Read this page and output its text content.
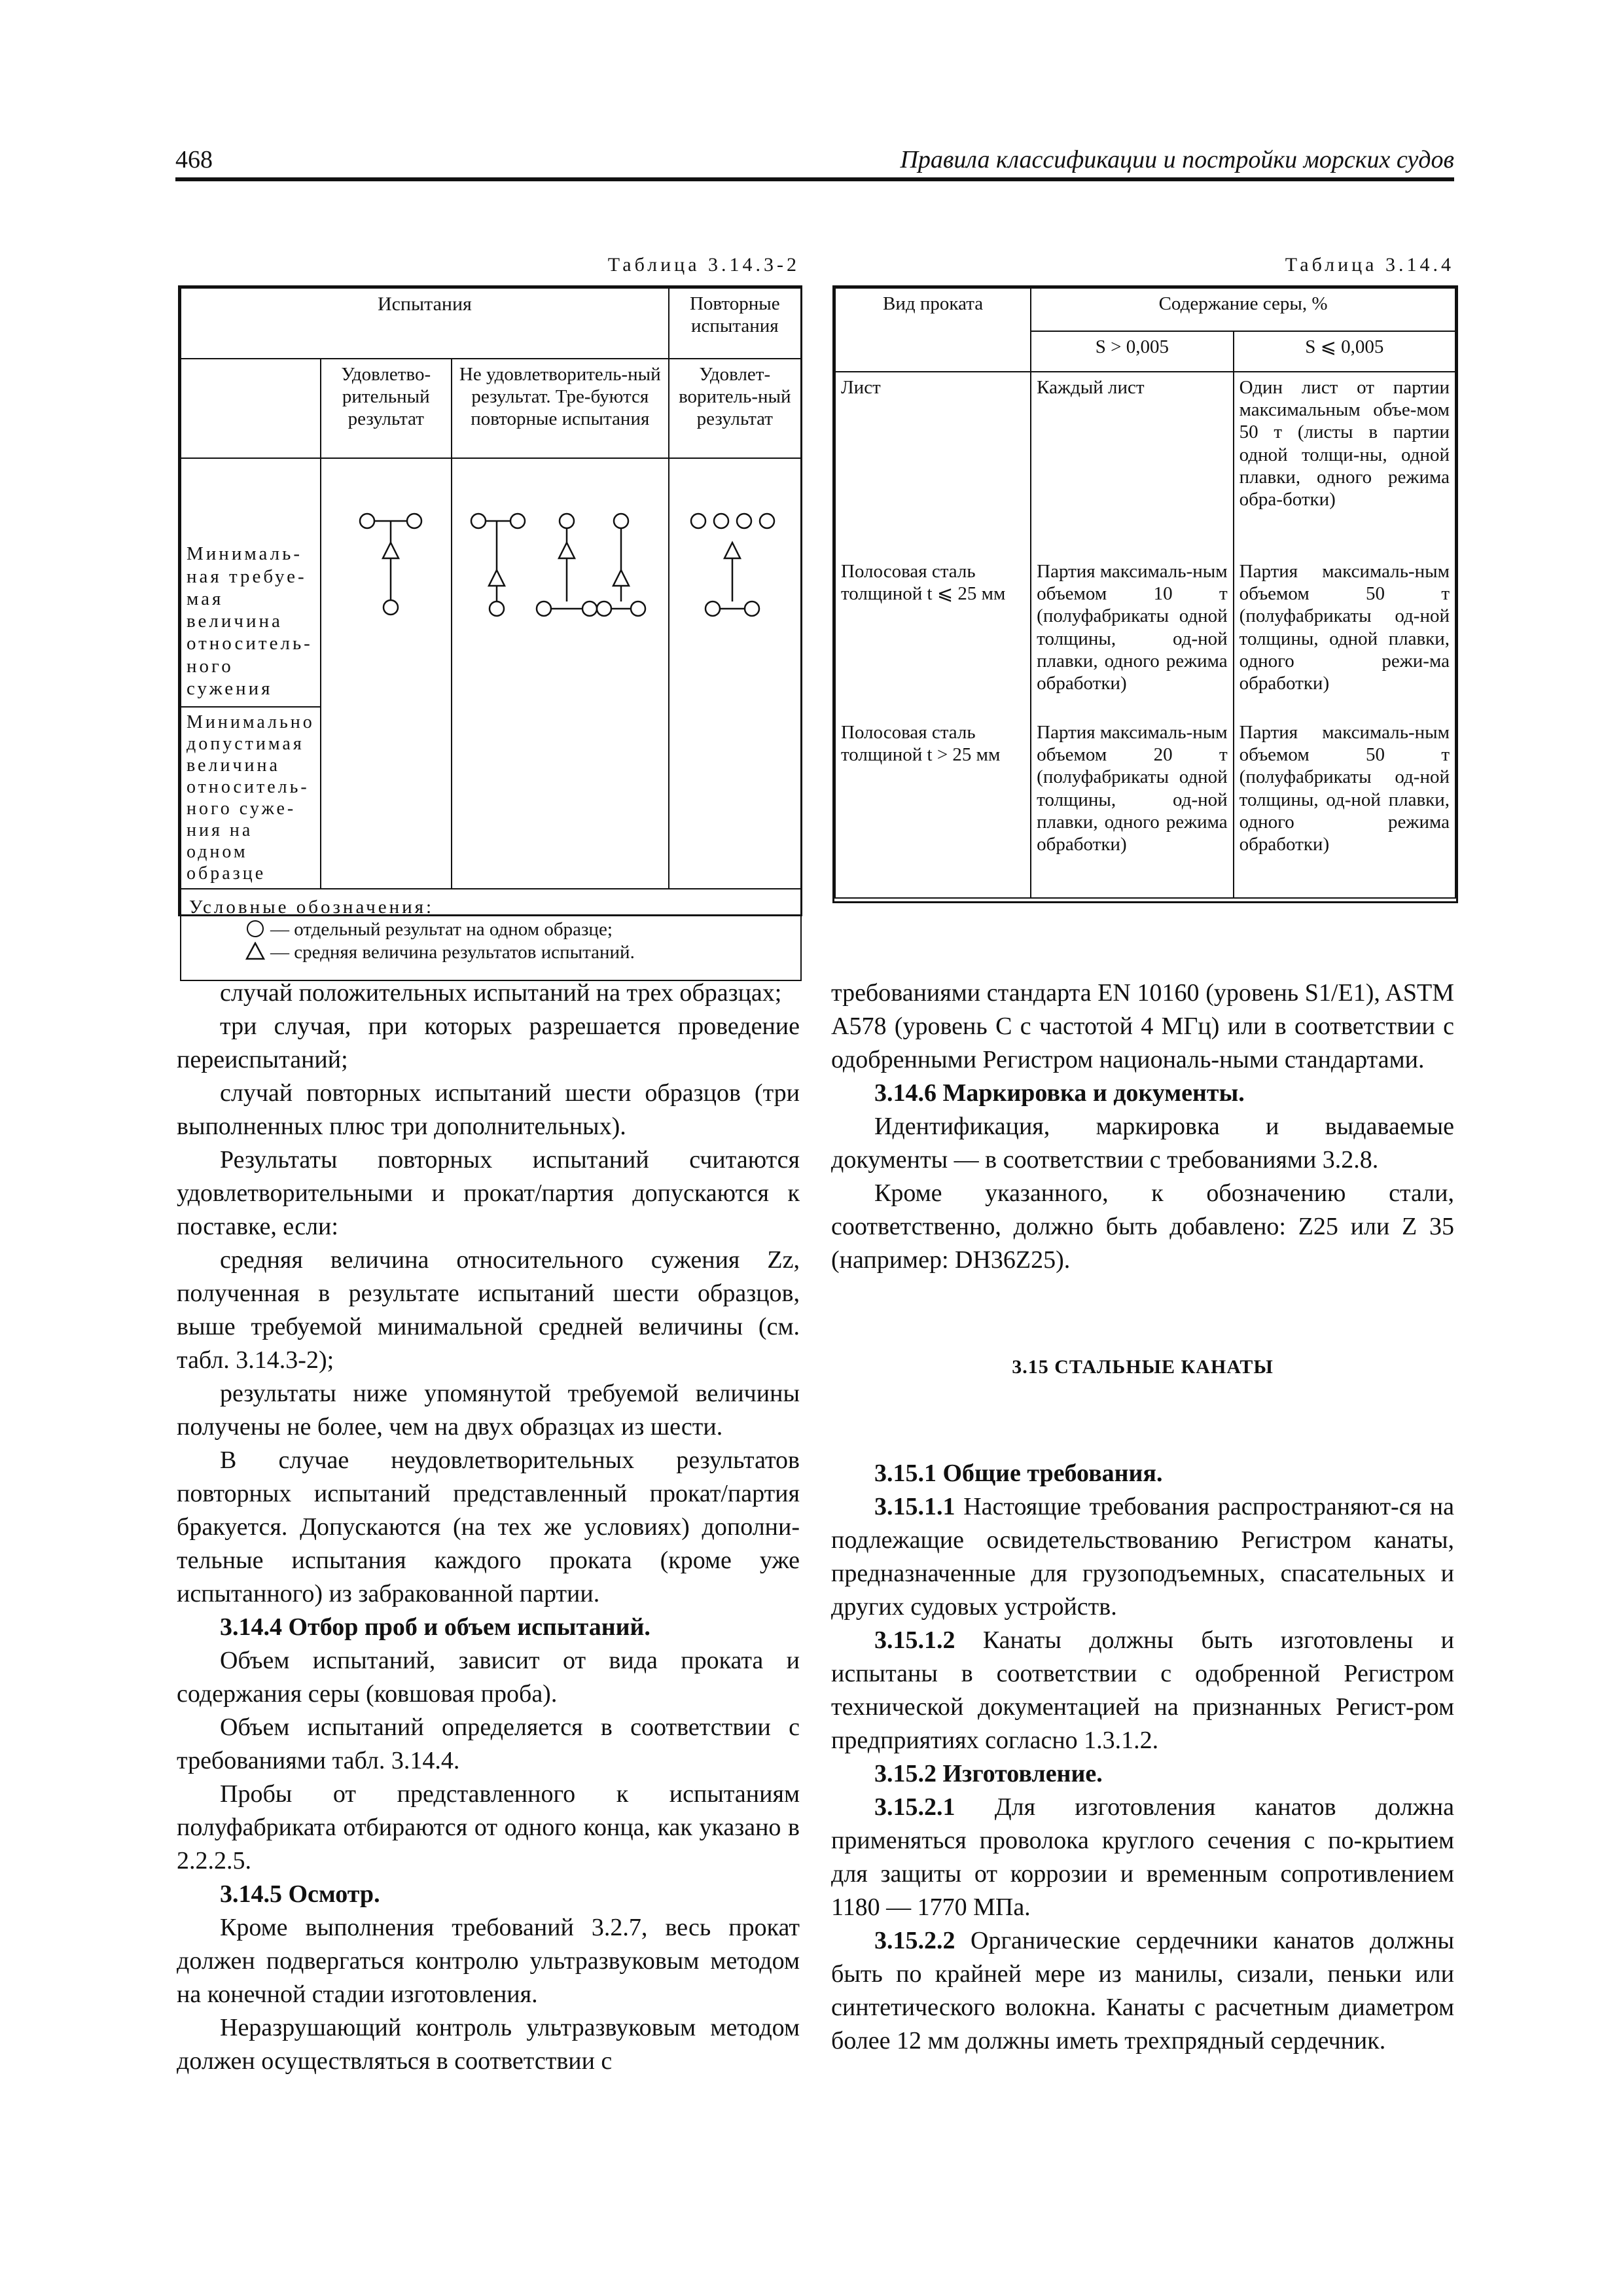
468	Правила классификации и постройки морских судов
Таблица 3.14.3-2
Испытания			Повторные испытания
	Удовлетво-рительный результат	Не удовлетворитель-ный результат. Тре-буются повторные испытания	Удовлет-воритель-ный результат
Минималь-ная требуе-мая величина относитель-ного сужения			
Минимально допустимая величина относитель-ного суже-ния на одном образце			

Условные обозначения:
— отдельный результат на одном образце;
— средняя величина результатов испытаний.			
Таблица 3.14.4
Вид проката	Содержание серы, %	
	S > 0,005	S ⩽ 0,005
Лист	Каждый лист	Один лист от партии максимальным объе-мом 50 т (листы в партии одной толщи-ны, одной плавки, одного режима обра-ботки)
Полосовая сталь толщиной t ⩽ 25 мм	Партия максималь-ным объемом 10 т (полуфабрикаты одной толщины, од-ной плавки, одного режима обработки)	Партия максималь-ным объемом 50 т (полуфабрикаты од-ной толщины, одной плавки, одного режи-ма обработки)
Полосовая сталь толщиной t > 25 мм	Партия максималь-ным объемом 20 т (полуфабрикаты одной толщины, од-ной плавки, одного режима обработки)	Партия максималь-ным объемом 50 т (полуфабрикаты од-ной толщины, од-ной плавки, одного режима обработки)

случай положительных испытаний на трех образцах;

три случая, при которых разрешается проведение переиспытаний;

случай повторных испытаний шести образцов (три выполненных плюс три дополнительных).

Результаты повторных испытаний считаются удовлетворительными и прокат/партия допускаются к поставке, если:

средняя величина относительного сужения Zz, полученная в результате испытаний шести образцов, выше требуемой минимальной средней величины (см. табл. 3.14.3-2);

результаты ниже упомянутой требуемой величины получены не более, чем на двух образцах из шести.

В случае неудовлетворительных результатов повторных испытаний представленный прокат/партия бракуется. Допускаются (на тех же условиях) дополни-тельные испытания каждого проката (кроме уже испытанного) из забракованной партии.

3.14.4 Отбор проб и объем испытаний.

Объем испытаний, зависит от вида проката и содержания серы (ковшовая проба).

Объем испытаний определяется в соответствии с требованиями табл. 3.14.4.

Пробы от представленного к испытаниям полуфабриката отбираются от одного конца, как указано в 2.2.2.5.

3.14.5 Осмотр.

Кроме выполнения требований 3.2.7, весь прокат должен подвергаться контролю ультразвуковым методом на конечной стадии изготовления.

Неразрушающий контроль ультразвуковым методом должен осуществляться в соответствии с

требованиями стандарта EN 10160 (уровень S1/E1), ASTM A578 (уровень C с частотой 4 МГц) или в соответствии с одобренными Регистром националь-ными стандартами.

3.14.6 Маркировка и документы.

Идентификация, маркировка и выдаваемые документы — в соответствии с требованиями 3.2.8.

Кроме указанного, к обозначению стали, соответственно, должно быть добавлено: Z25 или Z 35 (например: DH36Z25).

3.15 СТАЛЬНЫЕ КАНАТЫ

3.15.1 Общие требования.

3.15.1.1 Настоящие требования распространяют-ся на подлежащие освидетельствованию Регистром канаты, предназначенные для грузоподъемных, спасательных и других судовых устройств.

3.15.1.2 Канаты должны быть изготовлены и испытаны в соответствии с одобренной Регистром технической документацией на признанных Регист-ром предприятиях согласно 1.3.1.2.

3.15.2 Изготовление.

3.15.2.1 Для изготовления канатов должна применяться проволока круглого сечения с по-крытием для защиты от коррозии и временным сопротивлением 1180 — 1770 МПа.

3.15.2.2 Органические сердечники канатов должны быть по крайней мере из манилы, сизали, пеньки или синтетического волокна. Канаты с расчетным диаметром более 12 мм должны иметь трехпрядный сердечник.
